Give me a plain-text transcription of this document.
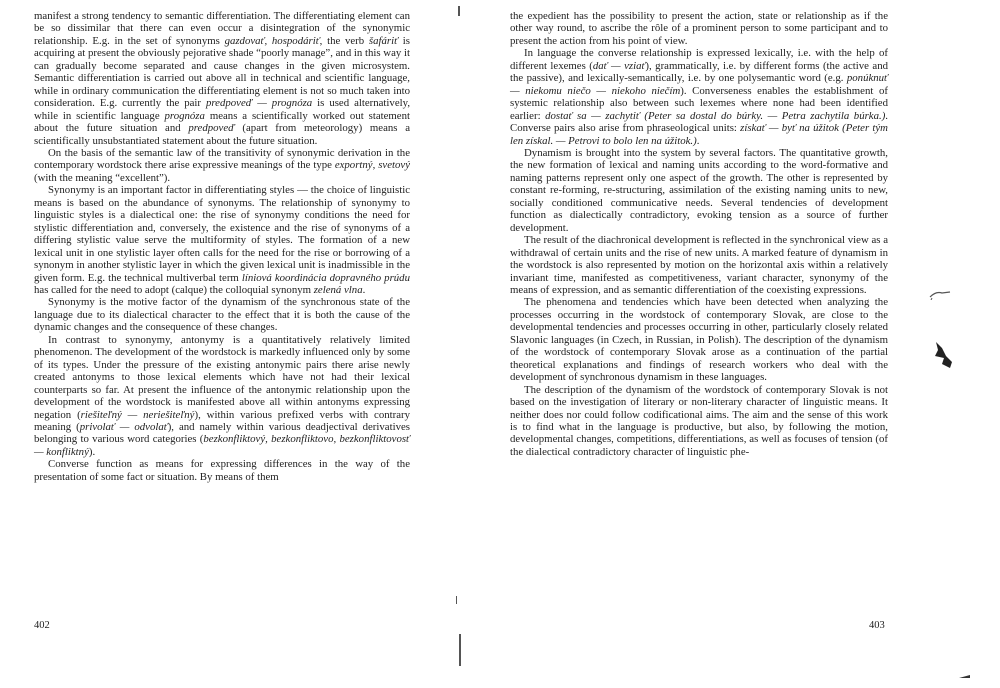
manifest a strong tendency to semantic differentiation. The differentiating element can be so dissimilar that there can even occur a disintegration of the synonymic relationship. E.g. in the set of synonyms gazdovať, hospodáriť, the verb šafáriť is acquiring at present the obviously pejorative shade “poorly manage”, and in this way it can gradually become separated and cause changes in the given microsystem. Semantic differentiation is carried out above all in technical and scientific language, while in ordinary communication the differentiating element is not so much taken into consideration. E.g. currently the pair predpoveď — prognóza is used alternatively, while in scientific language prognóza means a scientifically worked out statement about the future situation and predpoveď (apart from meteorology) means a scientifically unsubstantiated statement about the future situation.

On the basis of the semantic law of the transitivity of synonymic derivation in the contemporary wordstock there arise expressive meanings of the type exportný, svetový (with the meaning “excellent”).

Synonymy is an important factor in differentiating styles — the choice of linguistic means is based on the abundance of synonyms. The relationship of synonymy to linguistic styles is a dialectical one: the rise of synonymy conditions the need for stylistic differentiation and, conversely, the existence and the rise of synonyms of a differing stylistic value serve the multiformity of styles. The formation of a new lexical unit in one stylistic layer often calls for the need for the rise or borrowing of a synonym in another stylistic layer in which the given lexical unit is inadmissible in the given form. E.g. the technical multiverbal term líniová koordinácia dopravného prúdu has called for the need to adopt (calque) the colloquial synonym zelená vlna.

Synonymy is the motive factor of the dynamism of the synchronous state of the language due to its dialectical character to the effect that it is both the cause of the dynamic changes and the consequence of these changes.

In contrast to synonymy, antonymy is a quantitatively relatively limited phenomenon. The development of the wordstock is markedly influenced only by some of its types. Under the pressure of the existing antonymic pairs there arise newly created antonyms to those lexical elements which have not had their lexical counterparts so far. At present the influence of the antonymic relationship upon the development of the wordstock is manifested above all within antonyms expressing negation (riešiteľný — neriešiteľný), within various prefixed verbs with contrary meaning (privolať — odvolať), and namely within various deadjectival derivatives belonging to various word categories (bezkonfliktový, bezkonfliktovo, bezkonfliktovosť — konfliktný).

Converse function as means for expressing differences in the way of the presentation of some fact or situation. By means of them

402

the expedient has the possibility to present the action, state or relationship as if the other way round, to ascribe the rôle of a prominent person to some participant and to present the action from his point of view.

In language the converse relationship is expressed lexically, i.e. with the help of different lexemes (dať — vziať), grammatically, i.e. by different forms (the active and the passive), and lexically-semantically, i.e. by one polysemantic word (e.g. ponúknuť — niekomu niečo — niekoho niečím). Converseness enables the establishment of systemic relationship also between such lexemes where none had been identified earlier: dostať sa — zachytiť (Peter sa dostal do búrky. — Petra zachytila búrka.). Converse pairs also arise from phraseological units: získať — byť na úžitok (Peter tým len získal. — Petrovi to bolo len na úžitok.).

Dynamism is brought into the system by several factors. The quantitative growth, the new formation of lexical and naming units according to the word-formative and naming patterns represent only one aspect of the growth. The other is represented by constant re-forming, re-structuring, assimilation of the existing naming units to new, socially conditioned communicative needs. Several tendencies of development function as dialectically contradictory, evoking tension as a source of further development.

The result of the diachronical development is reflected in the synchronical view as a withdrawal of certain units and the rise of new units. A marked feature of dynamism in the wordstock is also represented by motion on the horizontal axis within a relatively invariant time, manifested as competitiveness, variant character, synonymy of the means of expression, and as semantic differentiation of the coexisting expressions.

The phenomena and tendencies which have been detected when analyzing the processes occurring in the wordstock of contemporary Slovak, are close to the developmental tendencies and processes occurring in other, particularly closely related Slavonic languages (in Czech, in Russian, in Polish). The description of the dynamism of the wordstock of contemporary Slovak arose as a continuation of the partial theoretical explanations and findings of research workers who deal with the development of synchronous dynamism in these languages.

The description of the dynamism of the wordstock of contemporary Slovak is not based on the investigation of literary or non-literary character of linguistic means. It neither does nor could follow codificational aims. The aim and the sense of this work is to find what in the language is productive, but also, by following the motion, developmental changes, competitions, differentiations, as well as focuses of tension (of the dialectical contradictory character of linguistic phe-

403
